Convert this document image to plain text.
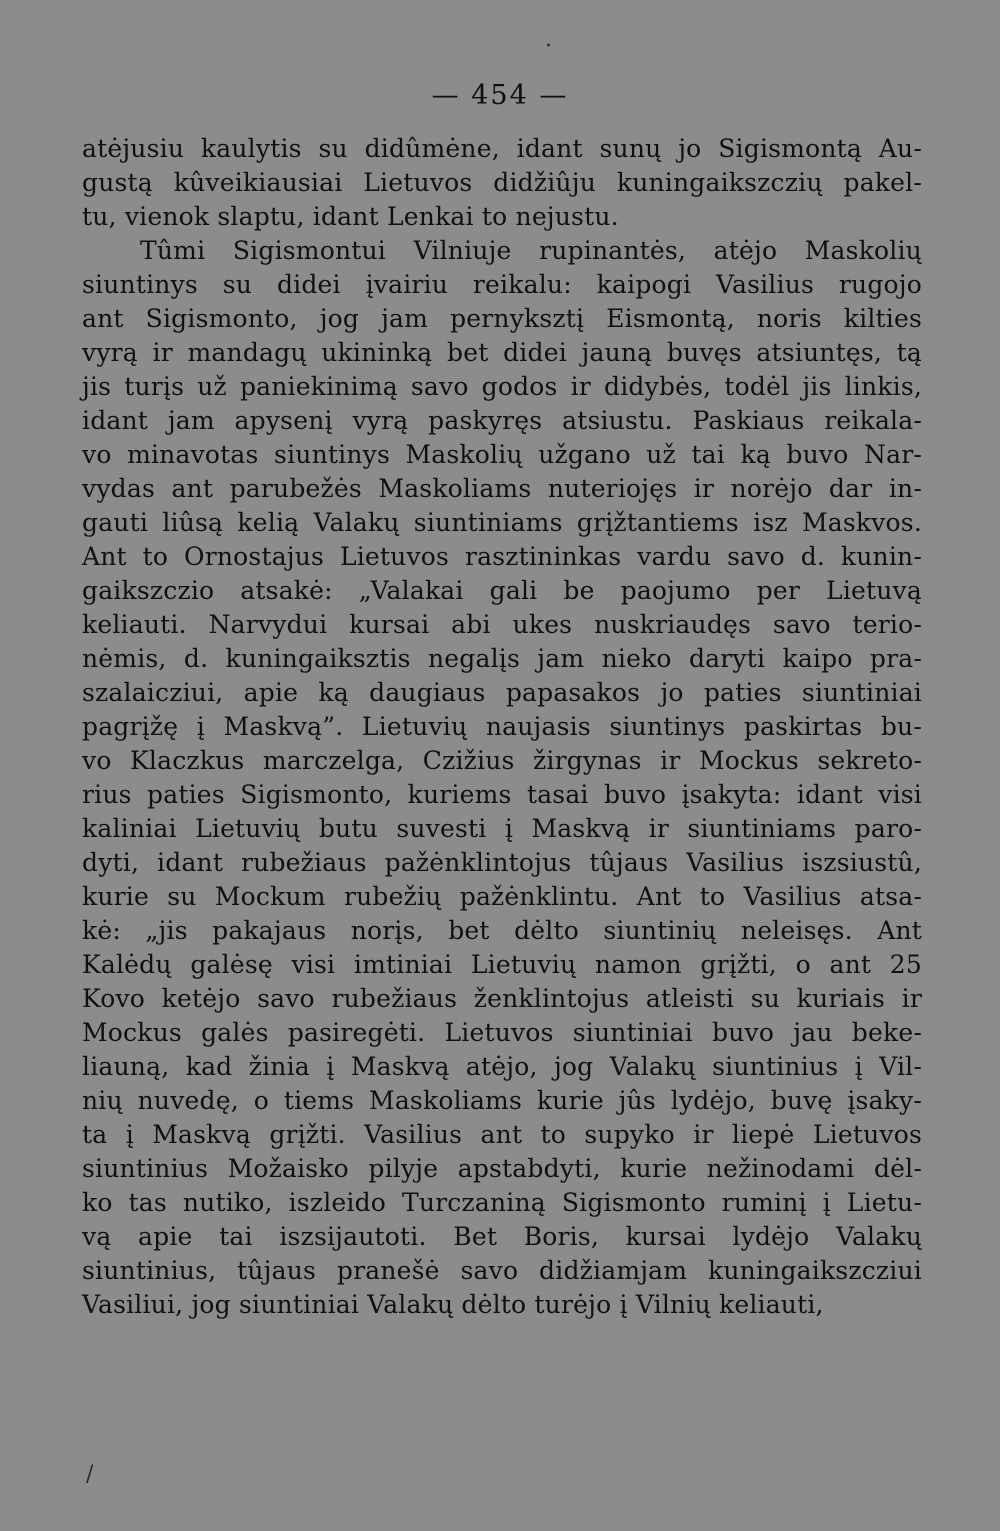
— 454 —
atėjusiu kaulytis su didûmėne, idant sunų jo Sigismontą Au-
gustą kûveikiausiai Lietuvos didžiûju kuningaikszczių pakel-
tu, vienok slaptu, idant Lenkai to nejustu.
Tûmi Sigismontui Vilniuje rupinantės, atėjo Maskolių
siuntinys su didei įvairiu reikalu: kaipogi Vasilius rugojo
ant Sigismonto, jog jam pernyksztį Eismontą, noris kilties
vyrą ir mandagų ukininką bet didei jauną buvęs atsiuntęs, tą
jis turįs už paniekinimą savo godos ir didybės, todėl jis linkis,
idant jam apysenį vyrą paskyręs atsiustu. Paskiaus reikala-
vo minavotas siuntinys Maskolių užgano už tai ką buvo Nar-
vydas ant parubežės Maskoliams nuteriojęs ir norėjo dar in-
gauti liûsą kelią Valakų siuntiniams grįžtantiems isz Maskvos.
Ant to Ornostajus Lietuvos rasztininkas vardu savo d. kunin-
gaikszczio atsakė: „Valakai gali be paojumo per Lietuvą
keliauti. Narvydui kursai abi ukes nuskriaudęs savo terio-
nėmis, d. kuningaiksztis negalįs jam nieko daryti kaipo pra-
szalaicziui, apie ką daugiaus papasakos jo paties siuntiniai
pagrįžę į Maskvą”. Lietuvių naujasis siuntinys paskirtas bu-
vo Klaczkus marczelga, Czižius žirgynas ir Mockus sekreto-
rius paties Sigismonto, kuriems tasai buvo įsakyta: idant visi
kaliniai Lietuvių butu suvesti į Maskvą ir siuntiniams paro-
dyti, idant rubežiaus pažėnklintojus tûjaus Vasilius iszsiustû,
kurie su Mockum rubežių pažėnklintu. Ant to Vasilius atsa-
kė: „jis pakajaus norįs, bet dėlto siuntinių neleisęs. Ant
Kalėdų galėsę visi imtiniai Lietuvių namon grįžti, o ant 25
Kovo ketėjo savo rubežiaus ženklintojus atleisti su kuriais ir
Mockus galės pasiregėti. Lietuvos siuntiniai buvo jau beke-
liauną, kad žinia į Maskvą atėjo, jog Valakų siuntinius į Vil-
nių nuvedę, o tiems Maskoliams kurie jûs lydėjo, buvę įsaky-
ta į Maskvą grįžti. Vasilius ant to supyko ir liepė Lietuvos
siuntinius Možaisko pilyje apstabdyti, kurie nežinodami dėl-
ko tas nutiko, iszleido Turczaniną Sigismonto ruminį į Lietu-
vą apie tai iszsijautoti. Bet Boris, kursai lydėjo Valakų
siuntinius, tûjaus pranešė savo didžiamjam kuningaikszcziui
Vasiliui, jog siuntiniai Valakų dėlto turėjo į Vilnių keliauti,
·
/
